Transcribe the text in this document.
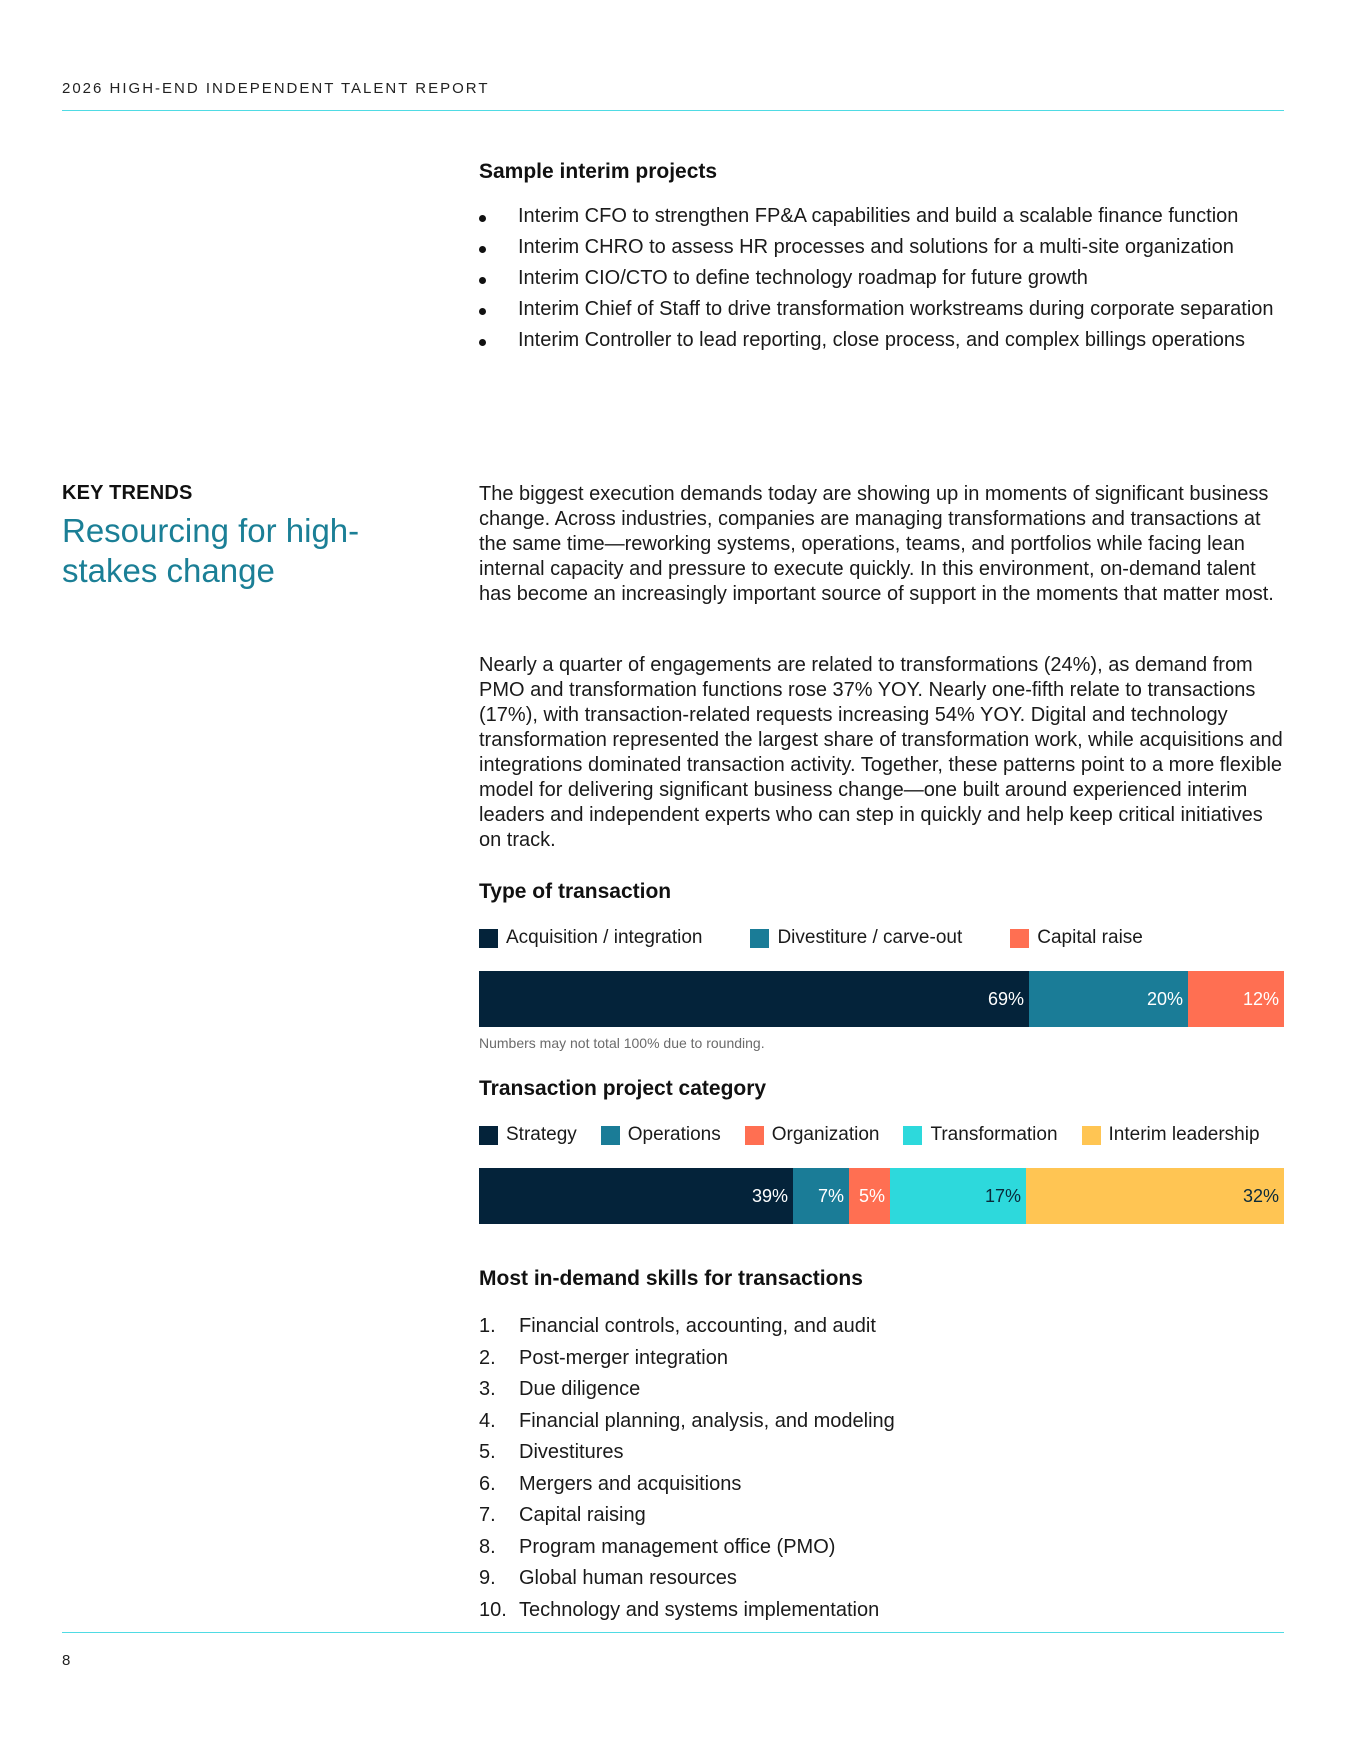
2026 HIGH-END INDEPENDENT TALENT REPORT
KEY TRENDS
Resourcing for high-stakes change
Sample interim projects
Interim CFO to strengthen FP&A capabilities and build a scalable finance function
Interim CHRO to assess HR processes and solutions for a multi-site organization
Interim CIO/CTO to define technology roadmap for future growth
Interim Chief of Staff to drive transformation workstreams during corporate separation
Interim Controller to lead reporting, close process, and complex billings operations

The biggest execution demands today are showing up in moments of significant business change. Across industries, companies are managing transformations and transactions at the same time—reworking systems, operations, teams, and portfolios while facing lean internal capacity and pressure to execute quickly. In this environment, on-demand talent has become an increasingly important source of support in the moments that matter most.

Nearly a quarter of engagements are related to transformations (24%), as demand from PMO and transformation functions rose 37% YOY. Nearly one-fifth relate to transactions (17%), with transaction-related requests increasing 54% YOY. Digital and technology transformation represented the largest share of transformation work, while acquisitions and integrations dominated transaction activity. Together, these patterns point to a more flexible model for delivering significant business change—one built around experienced interim leaders and independent experts who can step in quickly and help keep critical initiatives on track.

Type of transaction
Acquisition / integration	Divestiture / carve-out	Capital raise
69%	20%	12%
Numbers may not total 100% due to rounding.
Transaction project category
Strategy	Operations	Organization	Transformation	Interim leadership
39%	7% 5%	17%	32%
Most in-demand skills for transactions
1. Financial controls, accounting, and audit
2. Post-merger integration
3. Due diligence
4. Financial planning, analysis, and modeling
5. Divestitures
6. Mergers and acquisitions
7. Capital raising
8. Program management office (PMO)
9. Global human resources
10. Technology and systems implementation
8
